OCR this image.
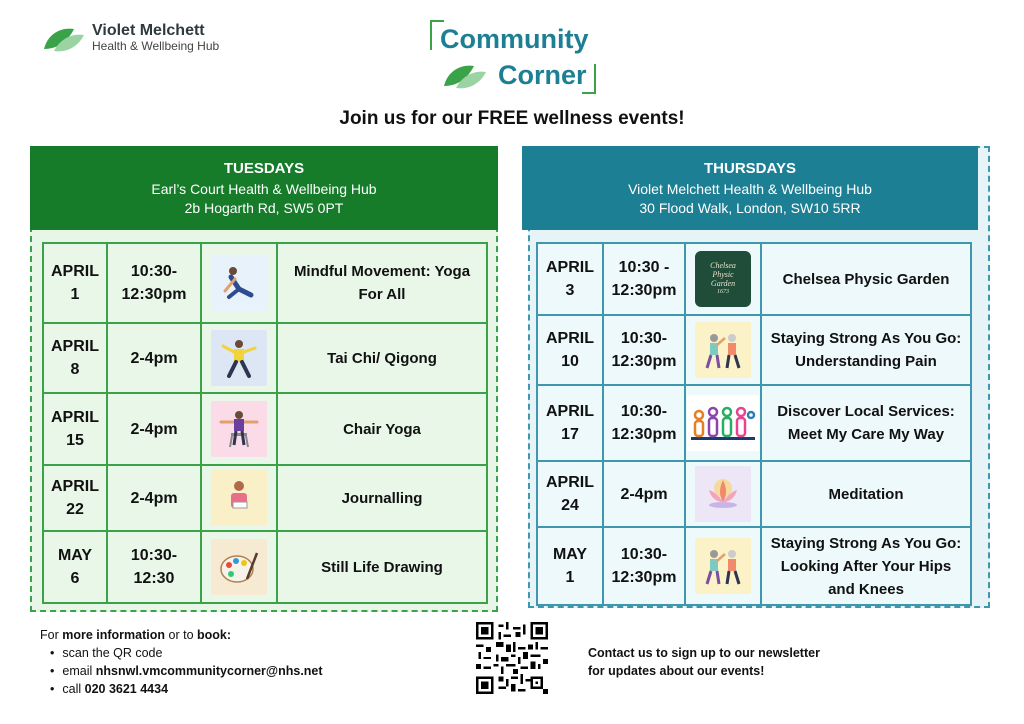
Violet Melchett
Health & Wellbeing Hub	Community
Corner
Join us for our FREE wellness events!
TUESDAYS
Earl’s Court Health & Wellbeing Hub
2b Hogarth Rd, SW5 0PT
APRIL
1	10:30-
12:30pm		Mindful Movement: Yoga
For All
APRIL
8	2-4pm		Tai Chi/ Qigong
APRIL
15	2-4pm		Chair Yoga
APRIL
22	2-4pm		Journalling
MAY
6	10:30-
12:30		Still Life Drawing
THURSDAYS
Violet Melchett Health & Wellbeing Hub
30 Flood Walk, London, SW10 5RR
APRIL
3	10:30 -
12:30pm	Chelsea
Physic
Garden
1673	Chelsea Physic Garden
APRIL
10	10:30-
12:30pm		Staying Strong As You Go:
Understanding Pain
APRIL
17	10:30-
12:30pm		Discover Local Services:
Meet My Care My Way
APRIL
24	2-4pm		Meditation
MAY
1	10:30-
12:30pm		Staying Strong As You Go:
Looking After Your Hips
and Knees
For more information or to book:
• scan the QR code
• email nhsnwl.vmcommunitycorner@nhs.net
• call 020 3621 4434
Contact us to sign up to our newsletter
for updates about our events!
